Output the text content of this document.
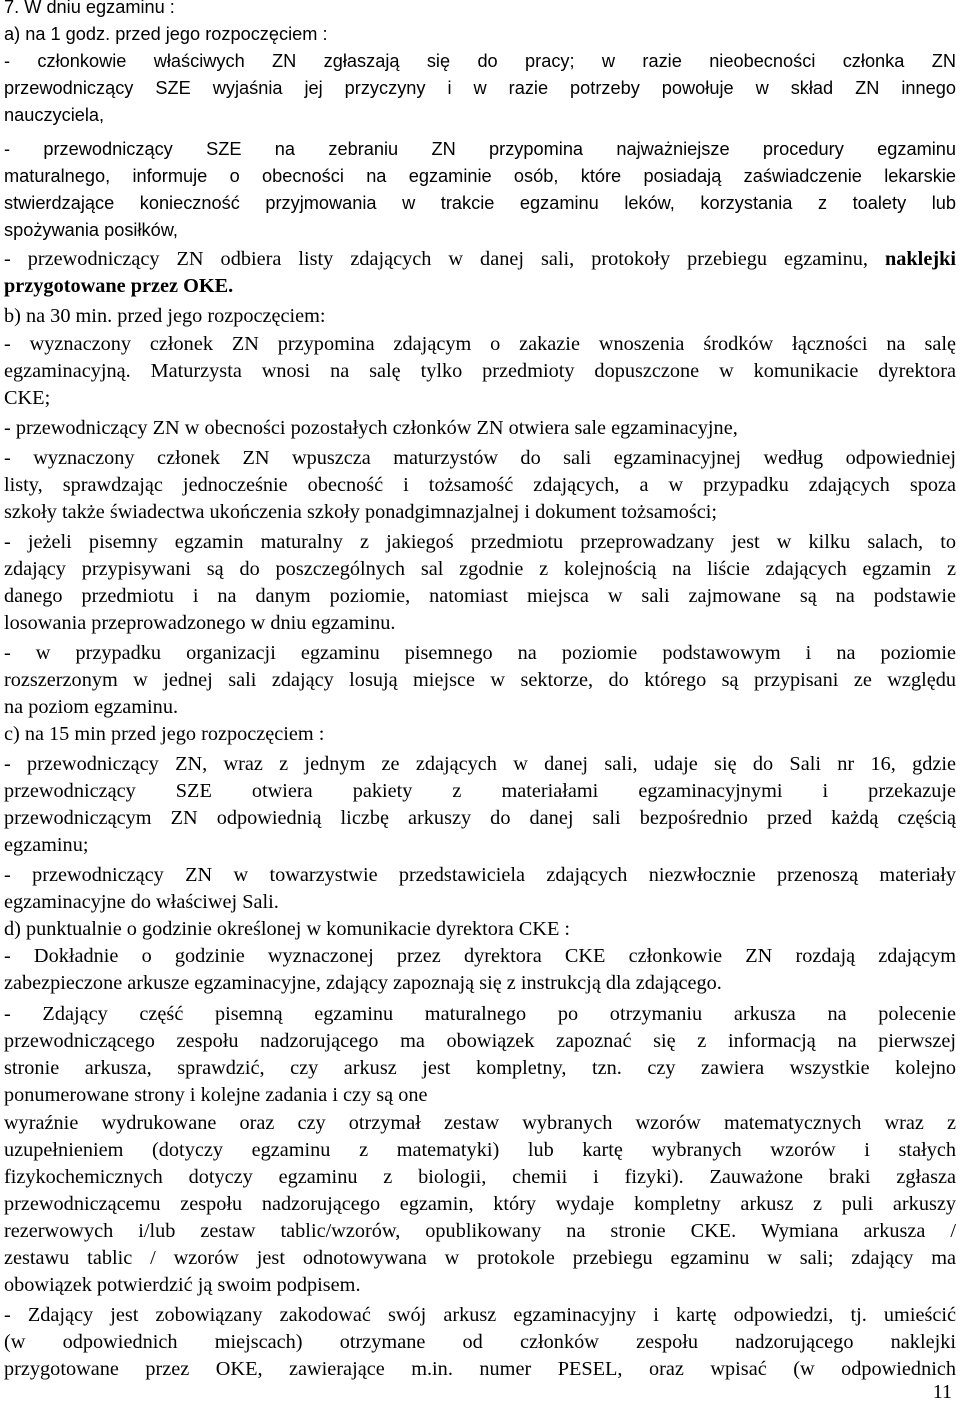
7. W dniu egzaminu :
a) na 1 godz. przed jego rozpoczęciem :
- członkowie właściwych ZN zgłaszają się do pracy; w razie nieobecności członka ZN
przewodniczący SZE wyjaśnia jej przyczyny i w razie potrzeby powołuje w skład ZN innego
nauczyciela,
- przewodniczący SZE na zebraniu ZN przypomina najważniejsze procedury egzaminu
maturalnego, informuje o obecności na egzaminie osób, które posiadają zaświadczenie lekarskie
stwierdzające konieczność przyjmowania w trakcie egzaminu leków, korzystania z toalety lub
spożywania posiłków,
- przewodniczący ZN odbiera listy zdających w danej sali, protokoły przebiegu egzaminu, naklejki
przygotowane przez OKE.
b) na 30 min. przed jego rozpoczęciem:
- wyznaczony członek ZN przypomina zdającym o zakazie wnoszenia środków łączności na salę
egzaminacyjną. Maturzysta wnosi na salę tylko przedmioty dopuszczone w komunikacie dyrektora
CKE;
- przewodniczący ZN w obecności pozostałych członków ZN otwiera sale egzaminacyjne,
- wyznaczony członek ZN wpuszcza maturzystów do sali egzaminacyjnej według odpowiedniej
listy, sprawdzając jednocześnie obecność i tożsamość zdających, a w przypadku zdających spoza
szkoły także świadectwa ukończenia szkoły ponadgimnazjalnej i dokument tożsamości;
- jeżeli pisemny egzamin maturalny z jakiegoś przedmiotu przeprowadzany jest w kilku salach, to
zdający przypisywani są do poszczególnych sal zgodnie z kolejnością na liście zdających egzamin z
danego przedmiotu i na danym poziomie, natomiast miejsca w sali zajmowane są na podstawie
losowania przeprowadzonego w dniu egzaminu.
- w przypadku organizacji egzaminu pisemnego na poziomie podstawowym i na poziomie
rozszerzonym w jednej sali zdający losują miejsce w sektorze, do którego są przypisani ze względu
na poziom egzaminu.
c) na 15 min przed jego rozpoczęciem :
- przewodniczący ZN, wraz z jednym ze zdających w danej sali, udaje się do Sali nr 16, gdzie
przewodniczący SZE otwiera pakiety z materiałami egzaminacyjnymi i przekazuje
przewodniczącym ZN odpowiednią liczbę arkuszy do danej sali bezpośrednio przed każdą częścią
egzaminu;
- przewodniczący ZN w towarzystwie przedstawiciela zdających niezwłocznie przenoszą materiały
egzaminacyjne do właściwej Sali.
d) punktualnie o godzinie określonej w komunikacie dyrektora CKE :
- Dokładnie o godzinie wyznaczonej przez dyrektora CKE członkowie ZN rozdają zdającym
zabezpieczone arkusze egzaminacyjne, zdający zapoznają się z instrukcją dla zdającego.
- Zdający część pisemną egzaminu maturalnego po otrzymaniu arkusza na polecenie
przewodniczącego zespołu nadzorującego ma obowiązek zapoznać się z informacją na pierwszej
stronie arkusza, sprawdzić, czy arkusz jest kompletny, tzn. czy zawiera wszystkie kolejno
ponumerowane strony i kolejne zadania i czy są one
wyraźnie wydrukowane oraz czy otrzymał zestaw wybranych wzorów matematycznych wraz z
uzupełnieniem (dotyczy egzaminu z matematyki) lub kartę wybranych wzorów i stałych
fizykochemicznych dotyczy egzaminu z biologii, chemii i fizyki). Zauważone braki zgłasza
przewodniczącemu zespołu nadzorującego egzamin, który wydaje kompletny arkusz z puli arkuszy
rezerwowych i/lub zestaw tablic/wzorów, opublikowany na stronie CKE. Wymiana arkusza /
zestawu tablic / wzorów jest odnotowywana w protokole przebiegu egzaminu w sali; zdający ma
obowiązek potwierdzić ją swoim podpisem.
- Zdający jest zobowiązany zakodować swój arkusz egzaminacyjny i kartę odpowiedzi, tj. umieścić
(w odpowiednich miejscach) otrzymane od członków zespołu nadzorującego naklejki
przygotowane przez OKE, zawierające m.in. numer PESEL, oraz wpisać (w odpowiednich
11
